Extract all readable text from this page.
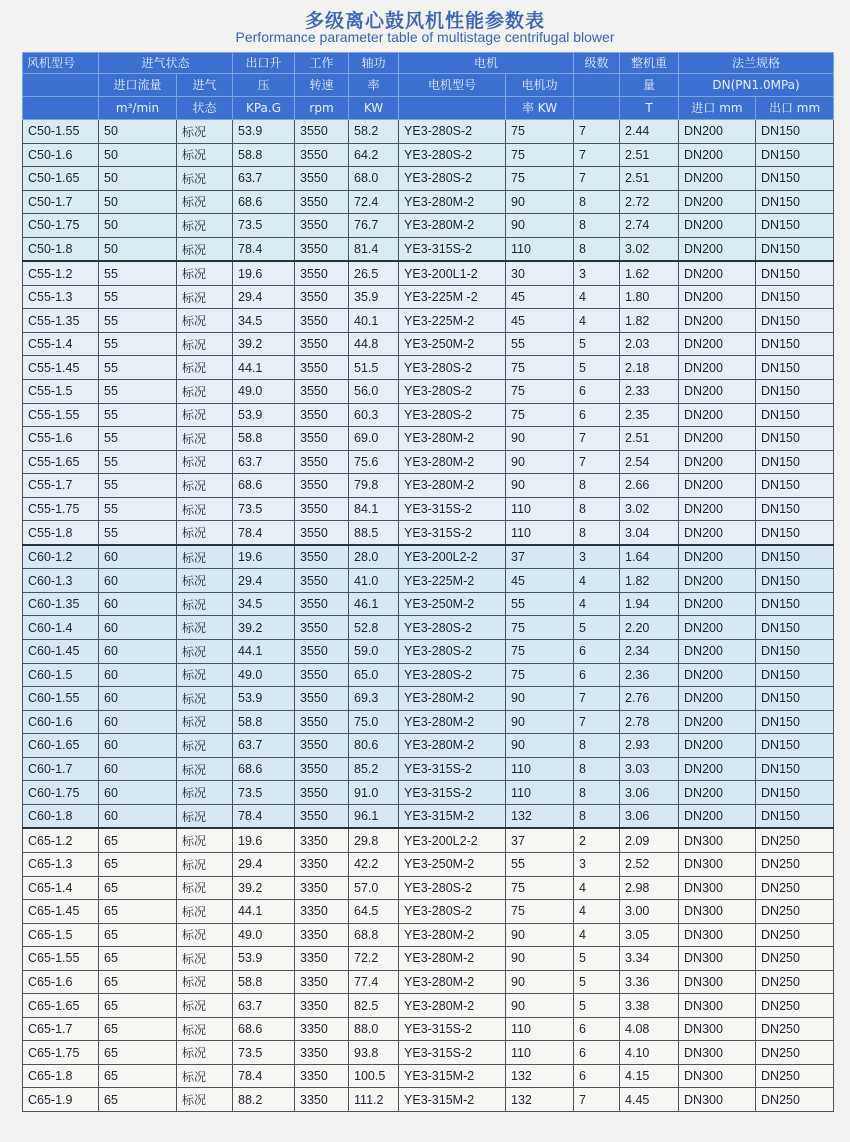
多级离心鼓风机性能参数表
Performance parameter table of multistage centrifugal blower
风机型号	进气状态		出口升	工作	轴功	电机		级数	整机重	法兰规格	
	进口流量	进气	压	转速	率	电机型号	电机功		量	DN(PN1.0MPa)	
	m³/min	状态	KPa.G	rpm	KW		率 KW		T	进口 mm	出口 mm
C50-1.55	50	标况	53.9	3550	58.2	YE3-280S-2	75	7	2.44	DN200	DN150
C50-1.6	50	标况	58.8	3550	64.2	YE3-280S-2	75	7	2.51	DN200	DN150
C50-1.65	50	标况	63.7	3550	68.0	YE3-280S-2	75	7	2.51	DN200	DN150
C50-1.7	50	标况	68.6	3550	72.4	YE3-280M-2	90	8	2.72	DN200	DN150
C50-1.75	50	标况	73.5	3550	76.7	YE3-280M-2	90	8	2.74	DN200	DN150
C50-1.8	50	标况	78.4	3550	81.4	YE3-315S-2	110	8	3.02	DN200	DN150
C55-1.2	55	标况	19.6	3550	26.5	YE3-200L1-2	30	3	1.62	DN200	DN150
C55-1.3	55	标况	29.4	3550	35.9	YE3-225M -2	45	4	1.80	DN200	DN150
C55-1.35	55	标况	34.5	3550	40.1	YE3-225M-2	45	4	1.82	DN200	DN150
C55-1.4	55	标况	39.2	3550	44.8	YE3-250M-2	55	5	2.03	DN200	DN150
C55-1.45	55	标况	44.1	3550	51.5	YE3-280S-2	75	5	2.18	DN200	DN150
C55-1.5	55	标况	49.0	3550	56.0	YE3-280S-2	75	6	2.33	DN200	DN150
C55-1.55	55	标况	53.9	3550	60.3	YE3-280S-2	75	6	2.35	DN200	DN150
C55-1.6	55	标况	58.8	3550	69.0	YE3-280M-2	90	7	2.51	DN200	DN150
C55-1.65	55	标况	63.7	3550	75.6	YE3-280M-2	90	7	2.54	DN200	DN150
C55-1.7	55	标况	68.6	3550	79.8	YE3-280M-2	90	8	2.66	DN200	DN150
C55-1.75	55	标况	73.5	3550	84.1	YE3-315S-2	110	8	3.02	DN200	DN150
C55-1.8	55	标况	78.4	3550	88.5	YE3-315S-2	110	8	3.04	DN200	DN150
C60-1.2	60	标况	19.6	3550	28.0	YE3-200L2-2	37	3	1.64	DN200	DN150
C60-1.3	60	标况	29.4	3550	41.0	YE3-225M-2	45	4	1.82	DN200	DN150
C60-1.35	60	标况	34.5	3550	46.1	YE3-250M-2	55	4	1.94	DN200	DN150
C60-1.4	60	标况	39.2	3550	52.8	YE3-280S-2	75	5	2.20	DN200	DN150
C60-1.45	60	标况	44.1	3550	59.0	YE3-280S-2	75	6	2.34	DN200	DN150
C60-1.5	60	标况	49.0	3550	65.0	YE3-280S-2	75	6	2.36	DN200	DN150
C60-1.55	60	标况	53.9	3550	69.3	YE3-280M-2	90	7	2.76	DN200	DN150
C60-1.6	60	标况	58.8	3550	75.0	YE3-280M-2	90	7	2.78	DN200	DN150
C60-1.65	60	标况	63.7	3550	80.6	YE3-280M-2	90	8	2.93	DN200	DN150
C60-1.7	60	标况	68.6	3550	85.2	YE3-315S-2	110	8	3.03	DN200	DN150
C60-1.75	60	标况	73.5	3550	91.0	YE3-315S-2	110	8	3.06	DN200	DN150
C60-1.8	60	标况	78.4	3550	96.1	YE3-315M-2	132	8	3.06	DN200	DN150
C65-1.2	65	标况	19.6	3350	29.8	YE3-200L2-2	37	2	2.09	DN300	DN250
C65-1.3	65	标况	29.4	3350	42.2	YE3-250M-2	55	3	2.52	DN300	DN250
C65-1.4	65	标况	39.2	3350	57.0	YE3-280S-2	75	4	2.98	DN300	DN250
C65-1.45	65	标况	44.1	3350	64.5	YE3-280S-2	75	4	3.00	DN300	DN250
C65-1.5	65	标况	49.0	3350	68.8	YE3-280M-2	90	4	3.05	DN300	DN250
C65-1.55	65	标况	53.9	3350	72.2	YE3-280M-2	90	5	3.34	DN300	DN250
C65-1.6	65	标况	58.8	3350	77.4	YE3-280M-2	90	5	3.36	DN300	DN250
C65-1.65	65	标况	63.7	3350	82.5	YE3-280M-2	90	5	3.38	DN300	DN250
C65-1.7	65	标况	68.6	3350	88.0	YE3-315S-2	110	6	4.08	DN300	DN250
C65-1.75	65	标况	73.5	3350	93.8	YE3-315S-2	110	6	4.10	DN300	DN250
C65-1.8	65	标况	78.4	3350	100.5	YE3-315M-2	132	6	4.15	DN300	DN250
C65-1.9	65	标况	88.2	3350	111.2	YE3-315M-2	132	7	4.45	DN300	DN250
